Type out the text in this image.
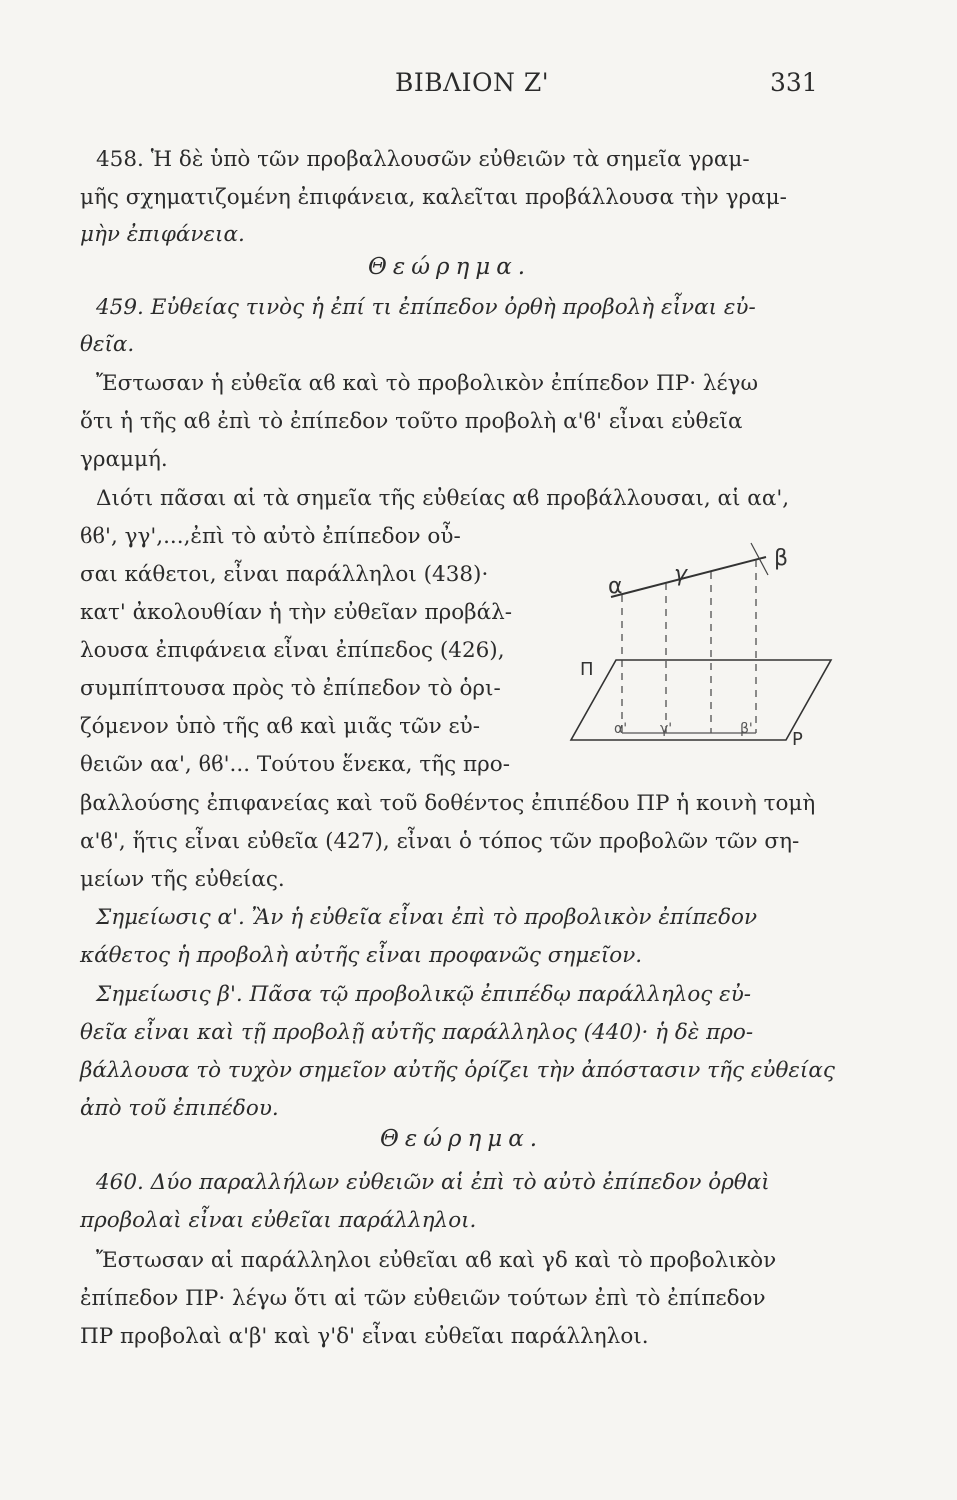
ΒΙΒΛΙΟΝ Ζ'	331
458. Ἡ δὲ ὑπὸ τῶν προβαλλουσῶν εὐθειῶν τὰ σημεῖα γραμ-
μῆς σχηματιζομένη ἐπιφάνεια, καλεῖται προβάλλουσα τὴν γραμ-
μὴν ἐπιφάνεια.
Θεώρημα.
459. Εὐθείας τινὸς ἡ ἐπί τι ἐπίπεδον ὀρθὴ προβολὴ εἶναι εὐ-
θεῖα.
Ἔστωσαν ἡ εὐθεῖα αϐ καὶ τὸ προβολικὸν ἐπίπεδον ΠΡ· λέγω
ὅτι ἡ τῆς αϐ ἐπὶ τὸ ἐπίπεδον τοῦτο προβολὴ α'ϐ' εἶναι εὐθεῖα
γραμμή.
Διότι πᾶσαι αἱ τὰ σημεῖα τῆς εὐθείας αϐ προβάλλουσαι, αἱ αα',
ϐϐ', γγ',...,ἐπὶ τὸ αὐτὸ ἐπίπεδον οὖ-
σαι κάθετοι, εἶναι παράλληλοι (438)·
κατ' ἀκολουθίαν ἡ τὴν εὐθεῖαν προβάλ-
λουσα ἐπιφάνεια εἶναι ἐπίπεδος (426),
συμπίπτουσα πρὸς τὸ ἐπίπεδον τὸ ὁρι-
ζόμενον ὑπὸ τῆς αϐ καὶ μιᾶς τῶν εὐ-
θειῶν αα', ϐϐ'... Τούτου ἕνεκα, τῆς προ-
βαλλούσης ἐπιφανείας καὶ τοῦ δοθέντος ἐπιπέδου ΠΡ ἡ κοινὴ τομὴ
α'ϐ', ἥτις εἶναι εὐθεῖα (427), εἶναι ὁ τόπος τῶν προβολῶν τῶν ση-
μείων τῆς εὐθείας.
α γ
β
Π
Ρ
α' γ'	β'
Σημείωσις α'. Ἂν ἡ εὐθεῖα εἶναι ἐπὶ τὸ προβολικὸν ἐπίπεδον
κάθετος ἡ προβολὴ αὐτῆς εἶναι προφανῶς σημεῖον.
Σημείωσις β'. Πᾶσα τῷ προβολικῷ ἐπιπέδῳ παράλληλος εὐ-
θεῖα εἶναι καὶ τῇ προβολῇ αὐτῆς παράλληλος (440)· ἡ δὲ προ-
βάλλουσα τὸ τυχὸν σημεῖον αὐτῆς ὁρίζει τὴν ἀπόστασιν τῆς εὐθείας
ἀπὸ τοῦ ἐπιπέδου.
Θεώρημα.
460. Δύο παραλλήλων εὐθειῶν αἱ ἐπὶ τὸ αὐτὸ ἐπίπεδον ὀρθαὶ
προβολαὶ εἶναι εὐθεῖαι παράλληλοι.
Ἔστωσαν αἱ παράλληλοι εὐθεῖαι αϐ καὶ γδ καὶ τὸ προβολικὸν
ἐπίπεδον ΠΡ· λέγω ὅτι αἱ τῶν εὐθειῶν τούτων ἐπὶ τὸ ἐπίπεδον
ΠΡ προβολαὶ α'β' καὶ γ'δ' εἶναι εὐθεῖαι παράλληλοι.
